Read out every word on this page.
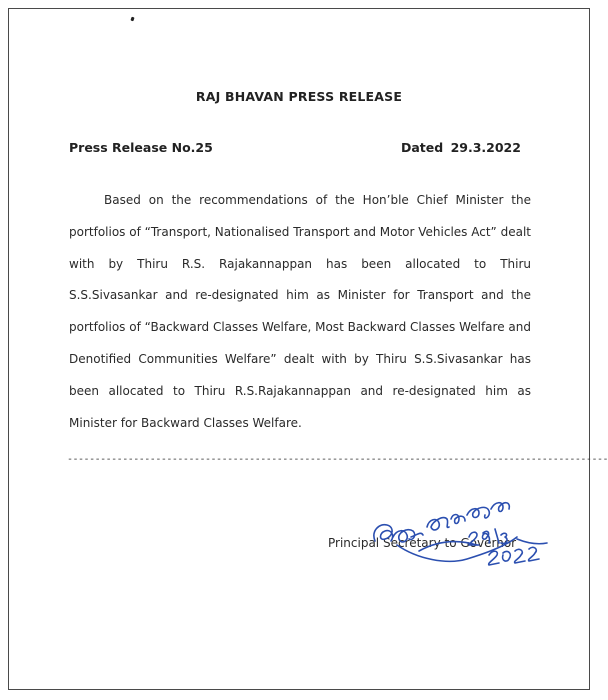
RAJ BHAVAN PRESS RELEASE
Press Release No.25	Dated 29.3.2022
Based on the recommendations of the Hon’ble Chief Minister the portfolios of “Transport, Nationalised Transport and Motor Vehicles Act” dealt with by Thiru R.S. Rajakannappan has been allocated to Thiru S.S.Sivasankar and re-designated him as Minister for Transport and the portfolios of “Backward Classes Welfare, Most Backward Classes Welfare and Denotified Communities Welfare” dealt with by Thiru S.S.Sivasankar has been allocated to Thiru R.S.Rajakannappan and re-designated him as Minister for Backward Classes Welfare.
--------------------------------------------------------------------------------------------------
Principal Secretary to Governor
